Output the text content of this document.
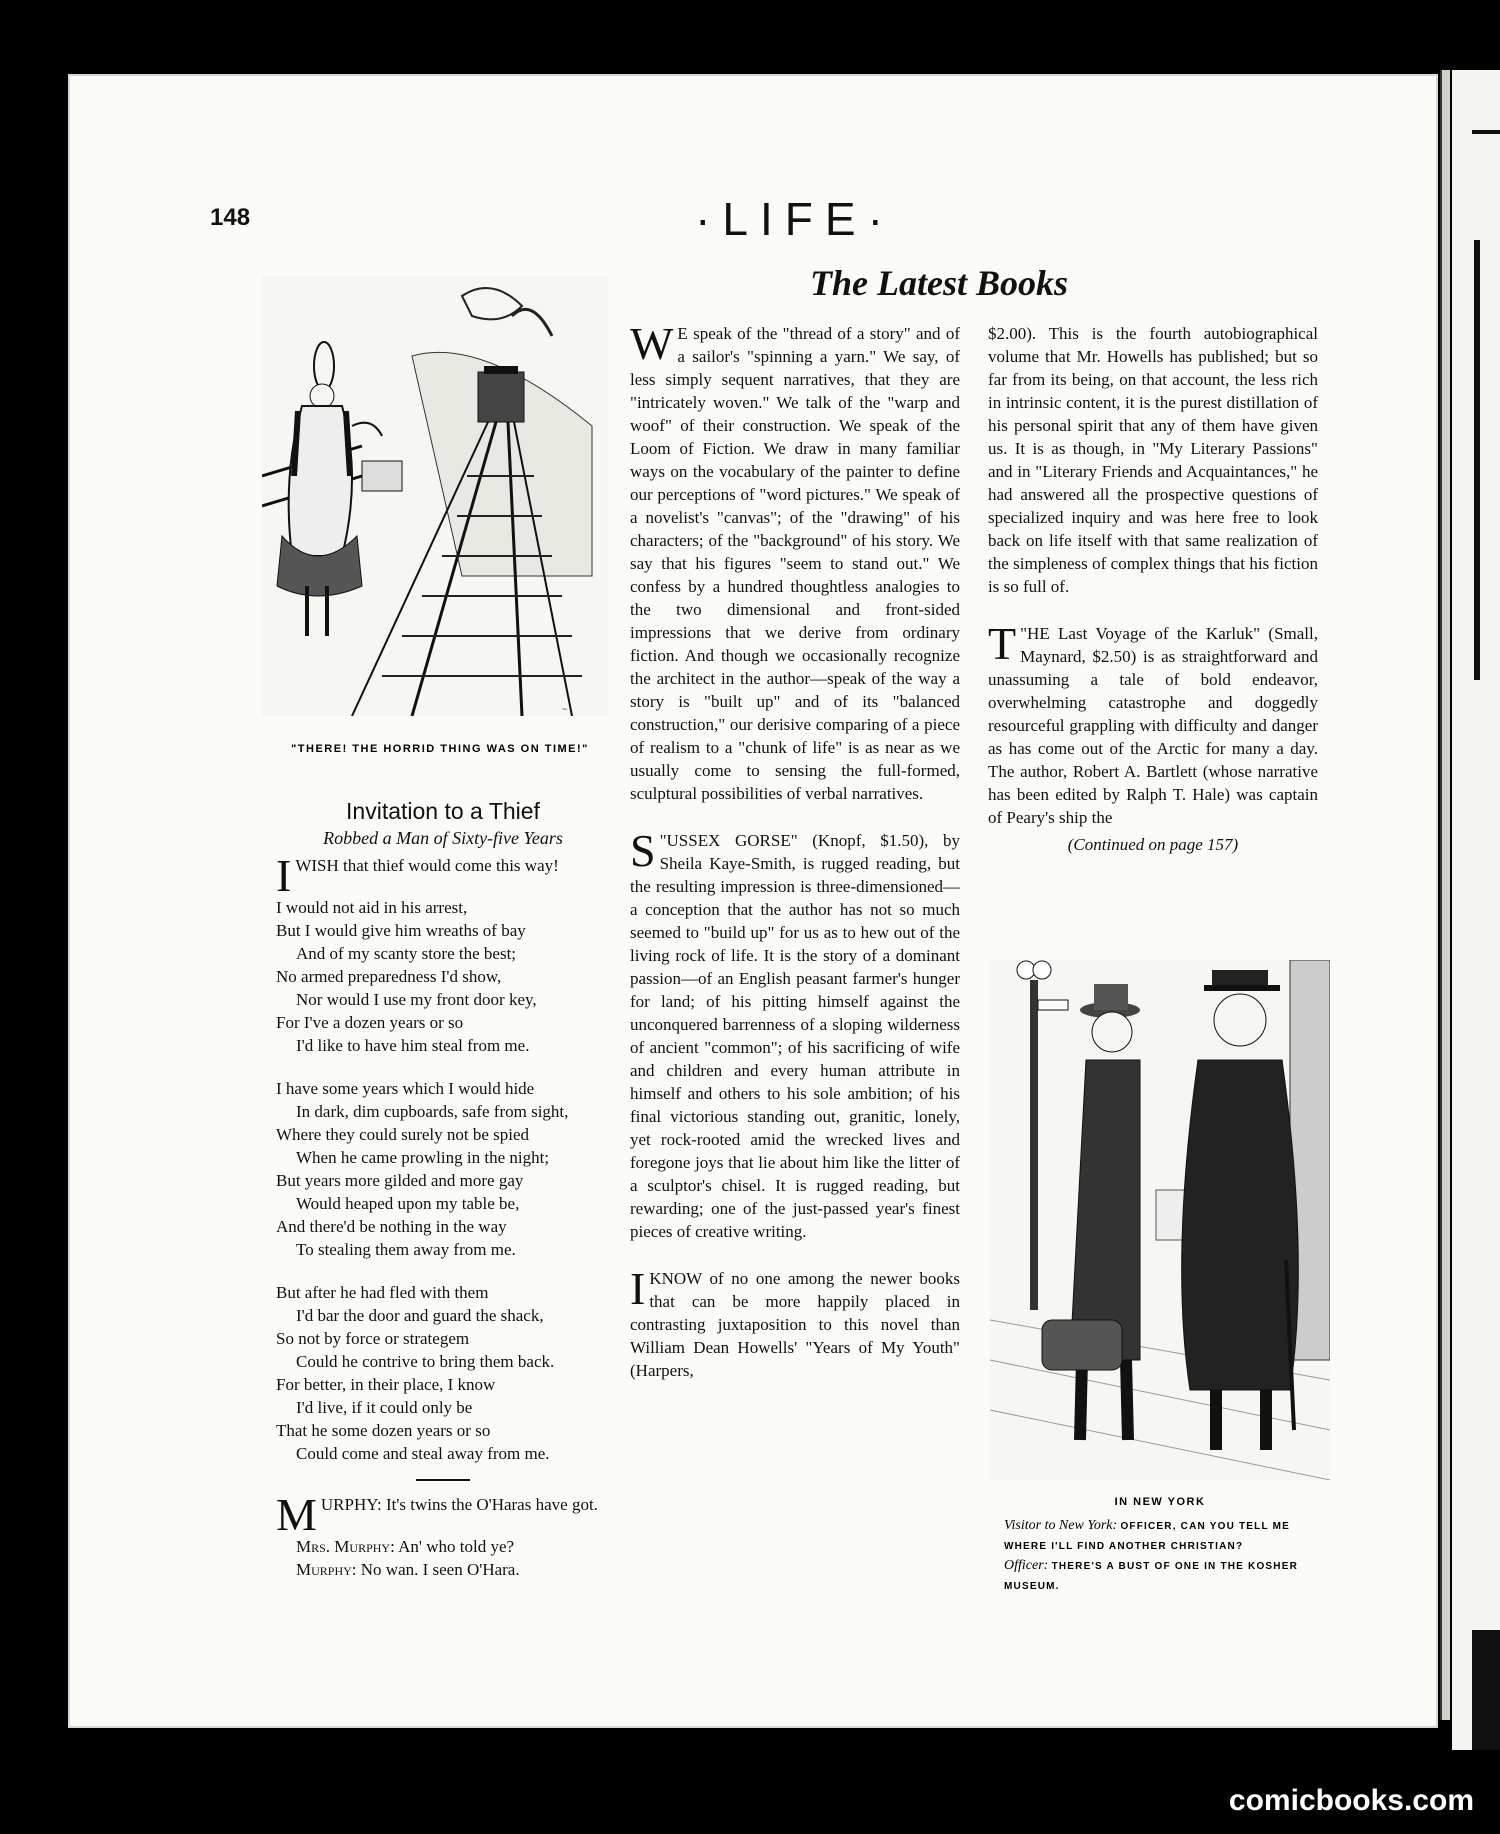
148	·LIFE·
The Latest Books
~
"THERE! THE HORRID THING WAS ON TIME!"
Invitation to a Thief
Robbed a Man of Sixty-five Years
I WISH that thief would come this way!
I would not aid in his arrest,
But I would give him wreaths of bay
And of my scanty store the best;
No armed preparedness I'd show,
Nor would I use my front door key,
For I've a dozen years or so
I'd like to have him steal from me.
I have some years which I would hide
In dark, dim cupboards, safe from sight,
Where they could surely not be spied
When he came prowling in the night;
But years more gilded and more gay
Would heaped upon my table be,
And there'd be nothing in the way
To stealing them away from me.
But after he had fled with them
I'd bar the door and guard the shack,
So not by force or strategem
Could he contrive to bring them back.
For better, in their place, I know
I'd live, if it could only be
That he some dozen years or so
Could come and steal away from me.

MURPHY: It's twins the O'Haras have got.

Mrs. Murphy: An' who told ye?

Murphy: No wan. I seen O'Hara.

W E speak of the "thread of a story" and of a sailor's "spinning a yarn." We say, of less simply sequent narratives, that they are "intricately woven." We talk of the "warp and woof" of their construction. We speak of the Loom of Fiction. We draw in many familiar ways on the vocabulary of the painter to define our perceptions of "word pictures." We speak of a novelist's "canvas"; of the "drawing" of his characters; of the "background" of his story. We say that his figures "seem to stand out." We confess by a hundred thoughtless analogies to the two dimensional and front-sided impressions that we derive from ordinary fiction. And though we occasionally recognize the architect in the author—speak of the way a story is "built up" and of its "balanced construction," our derisive comparing of a piece of realism to a "chunk of life" is as near as we usually come to sensing the full-formed, sculptural possibilities of verbal narratives.

S "USSEX GORSE" (Knopf, $1.50), by Sheila Kaye-Smith, is rugged reading, but the resulting impression is three-dimensioned—a conception that the author has not so much seemed to "build up" for us as to hew out of the living rock of life. It is the story of a dominant passion—of an English peasant farmer's hunger for land; of his pitting himself against the unconquered barrenness of a sloping wilderness of ancient "common"; of his sacrificing of wife and children and every human attribute in himself and others to his sole ambition; of his final victorious standing out, granitic, lonely, yet rock-rooted amid the wrecked lives and foregone joys that lie about him like the litter of a sculptor's chisel. It is rugged reading, but rewarding; one of the just-passed year's finest pieces of creative writing.

IKNOW of no one among the newer books that can be more happily placed in contrasting juxtaposition to this novel than William Dean Howells' "Years of My Youth" (Harpers,

$2.00). This is the fourth autobiographical volume that Mr. Howells has published; but so far from its being, on that account, the less rich in intrinsic content, it is the purest distillation of his personal spirit that any of them have given us. It is as though, in "My Literary Passions" and in "Literary Friends and Acquaintances," he had answered all the prospective questions of specialized inquiry and was here free to look back on life itself with that same realization of the simpleness of complex things that his fiction is so full of.

T "HE Last Voyage of the Karluk" (Small, Maynard, $2.50) is as straightforward and unassuming a tale of bold endeavor, overwhelming catastrophe and doggedly resourceful grappling with difficulty and danger as has come out of the Arctic for many a day. The author, Robert A. Bartlett (whose narrative has been edited by Ralph T. Hale) was captain of Peary's ship the

(Continued on page 157)

IN NEW YORK
Visitor to New York: OFFICER, CAN YOU TELL ME WHERE I'LL FIND ANOTHER CHRISTIAN?
Officer: THERE'S A BUST OF ONE IN THE KOSHER MUSEUM.
comicbooks.com
